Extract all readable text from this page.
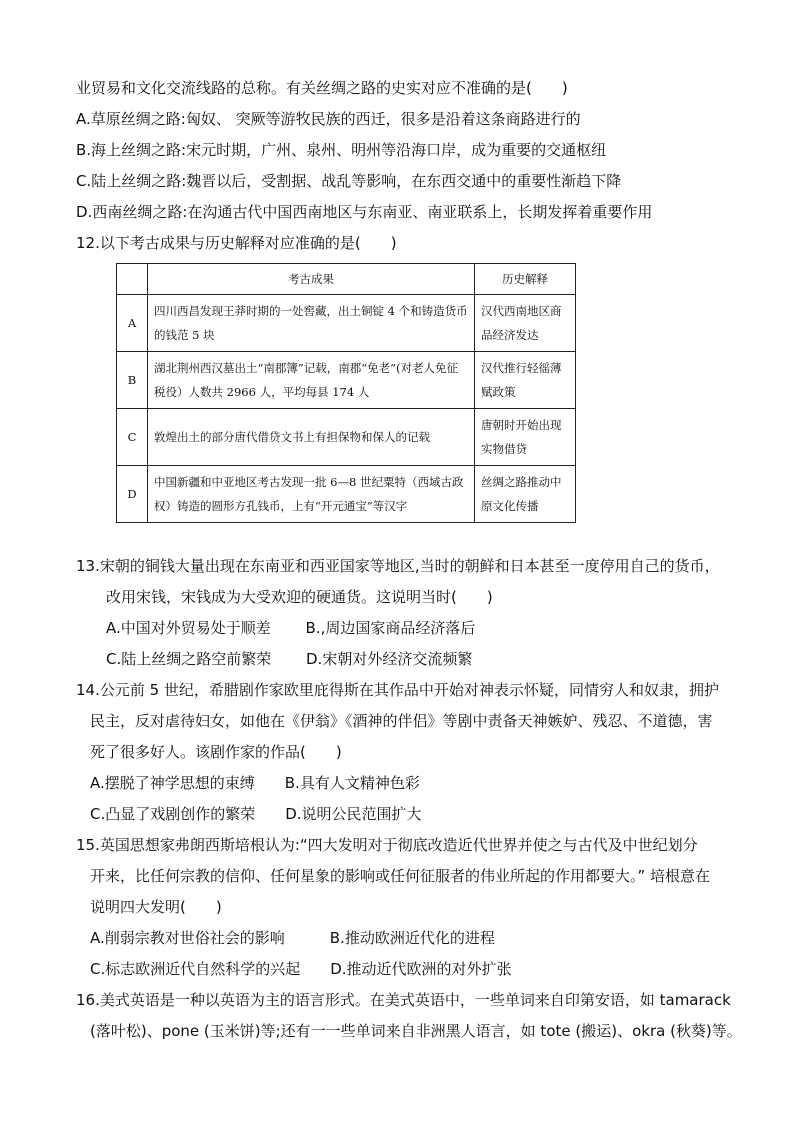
业贸易和文化交流线路的总称。有关丝绸之路的史实对应不准确的是(　　)
A.草原丝绸之路:匈奴、 突厥等游牧民族的西迁，很多是沿着这条商路进行的
B.海上丝绸之路:宋元时期，广州、泉州、明州等沿海口岸，成为重要的交通枢纽
C.陆上丝绸之路:魏晋以后，受割据、战乱等影响，在东西交通中的重要性渐趋下降
D.西南丝绸之路:在沟通古代中国西南地区与东南亚、南亚联系上，长期发挥着重要作用
12.以下考古成果与历史解释对应准确的是(　　)
	考古成果	历史解释
A	四川西昌发现王莽时期的一处窖藏，出土铜锭 4 个和铸造货币的钱范 5 块	汉代西南地区商品经济发达
B	湖北荆州西汉墓出土“南郡簿”记载，南郡“免老”(对老人免征税役）人数共 2966 人，平均每县 174 人	汉代推行轻徭薄赋政策
C	敦煌出土的部分唐代借贷文书上有担保物和保人的记载	唐朝时开始出现实物借贷
D	中国新疆和中亚地区考古发现一批 6—8 世纪粟特（西域古政权）铸造的圆形方孔钱币，上有“开元通宝”等汉字	丝绸之路推动中原文化传播
13.宋朝的铜钱大量出现在东南亚和西亚国家等地区,当时的朝鲜和日本甚至一度停用自己的货币，
改用宋钱，宋钱成为大受欢迎的硬通货。这说明当时(　　)
A.中国对外贸易处于顺差　　 B.,周边国家商品经济落后
C.陆上丝绸之路空前繁荣　　 D.宋朝对外经济交流频繁
14.公元前 5 世纪，希腊剧作家欧里庇得斯在其作品中开始对神表示怀疑，同情穷人和奴隶，拥护
民主，反对虐待妇女，如他在《伊翁》《酒神的伴侣》等剧中责备天神嫉妒、残忍、不道德，害
死了很多好人。该剧作家的作品(　　)
A.摆脱了神学思想的束缚　　B.具有人文精神色彩
C.凸显了戏剧创作的繁荣　　D.说明公民范围扩大
15.英国思想家弗朗西斯培根认为:“四大发明对于彻底改造近代世界并使之与古代及中世纪划分
开来，比任何宗教的信仰、任何星象的影响或任何征服者的伟业所起的作用都要大。” 培根意在
说明四大发明(　　)
A.削弱宗教对世俗社会的影响　　　B.推动欧洲近代化的进程
C.标志欧洲近代自然科学的兴起　　D.推动近代欧洲的对外扩张
16.美式英语是一种以英语为主的语言形式。在美式英语中，一些单词来自印第安语，如 tamarack
(落叶松)、pone (玉米饼)等;还有一一些单词来自非洲黑人语言，如 tote (搬运)、okra (秋葵)等。
